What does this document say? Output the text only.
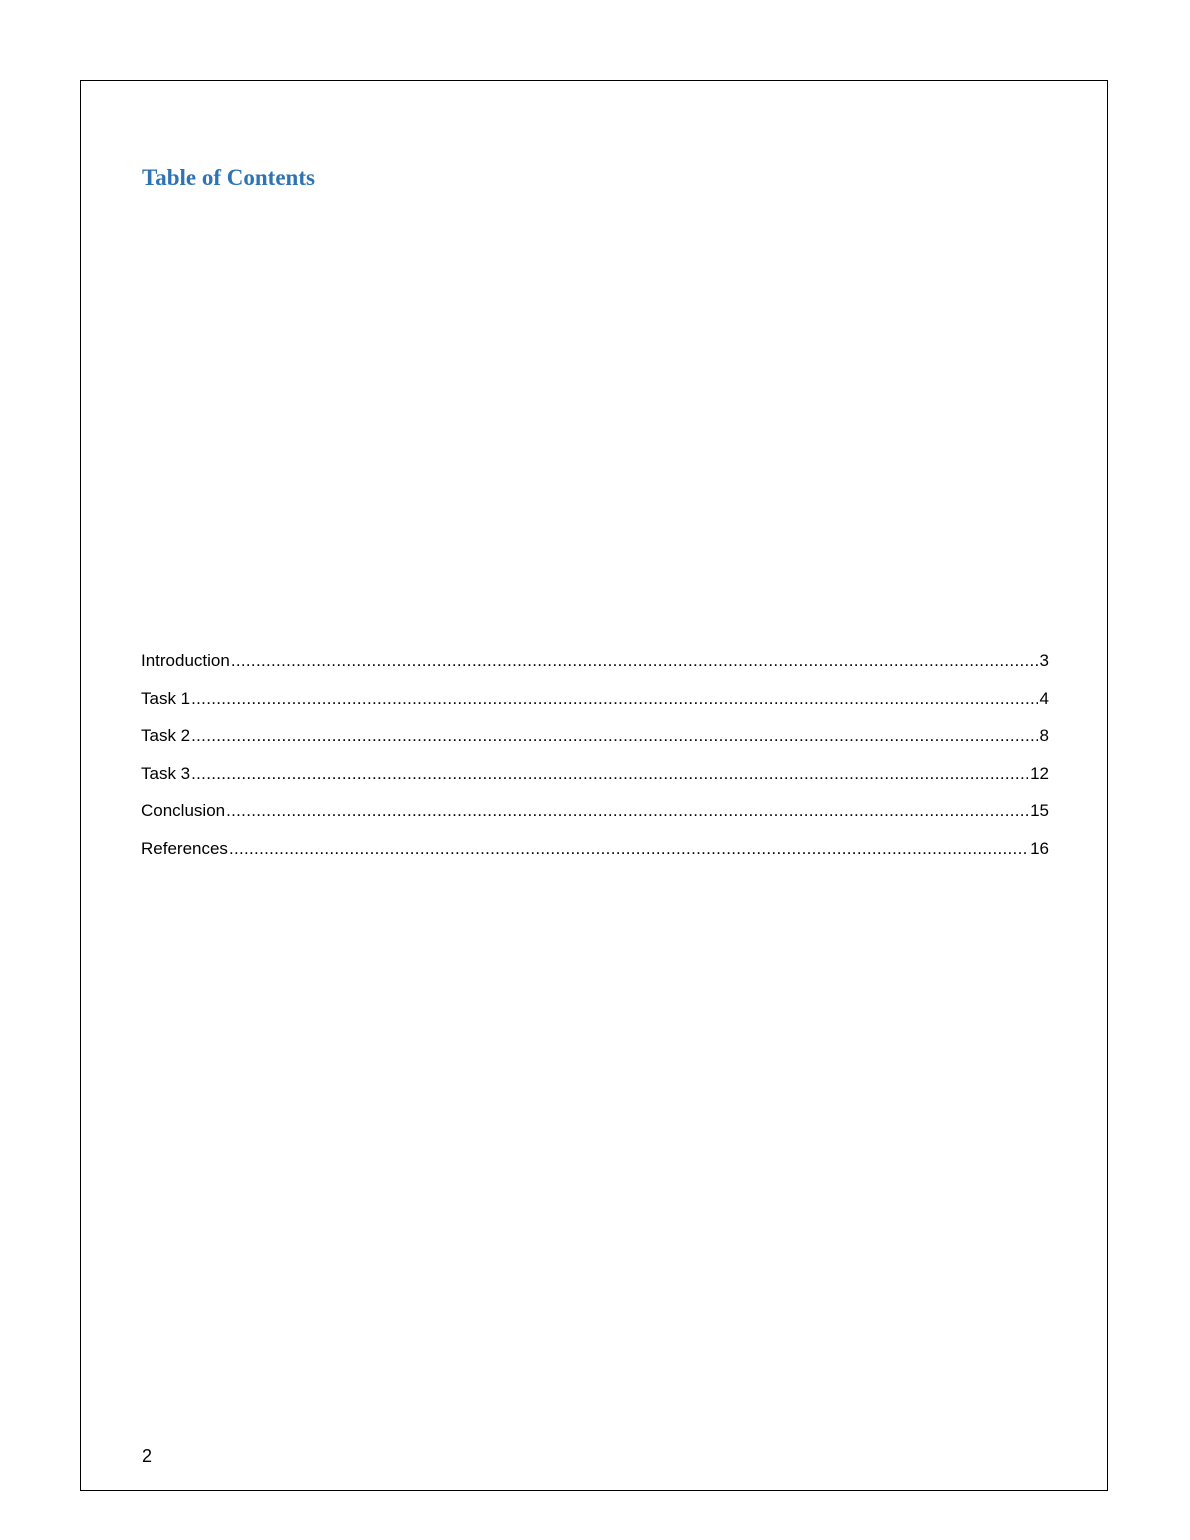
Table of Contents
Introduction .....	3
Task 1 .....	4
Task 2 .....	8
Task 3 .....	12
Conclusion .....	15
References .....	16
2
